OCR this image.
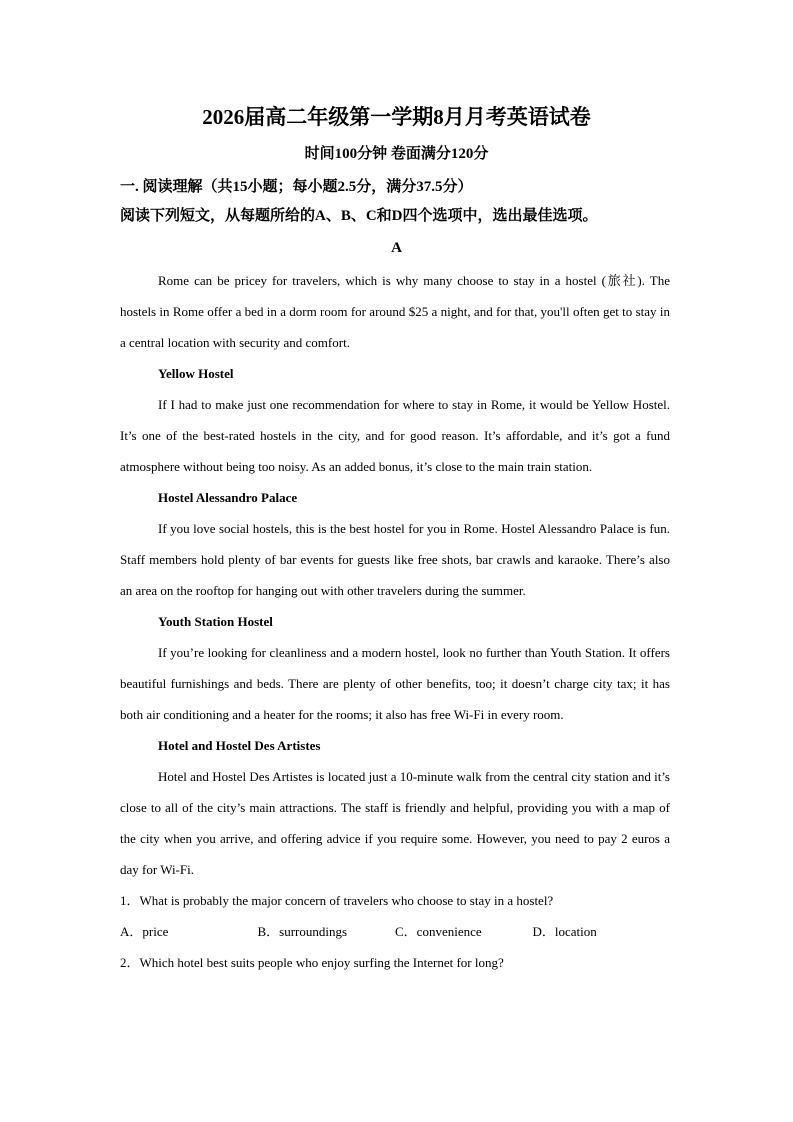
2026届高二年级第一学期8月月考英语试卷
时间100分钟 卷面满分120分
一. 阅读理解（共15小题；每小题2.5分，满分37.5分）
阅读下列短文，从每题所给的A、B、C和D四个选项中，选出最佳选项。
A

Rome can be pricey for travelers, which is why many choose to stay in a hostel (旅社). The hostels in Rome offer a bed in a dorm room for around $25 a night, and for that, you'll often get to stay in a central location with security and comfort.

Yellow Hostel

If I had to make just one recommendation for where to stay in Rome, it would be Yellow Hostel. It’s one of the best-rated hostels in the city, and for good reason. It’s affordable, and it’s got a fund atmosphere without being too noisy. As an added bonus, it’s close to the main train station.

Hostel Alessandro Palace

If you love social hostels, this is the best hostel for you in Rome. Hostel Alessandro Palace is fun. Staff members hold plenty of bar events for guests like free shots, bar crawls and karaoke. There’s also an area on the rooftop for hanging out with other travelers during the summer.

Youth Station Hostel

If you’re looking for cleanliness and a modern hostel, look no further than Youth Station. It offers beautiful furnishings and beds. There are plenty of other benefits, too; it doesn’t charge city tax; it has both air conditioning and a heater for the rooms; it also has free Wi-Fi in every room.

Hotel and Hostel Des Artistes

Hotel and Hostel Des Artistes is located just a 10-minute walk from the central city station and it’s close to all of the city’s main attractions. The staff is friendly and helpful, providing you with a map of the city when you arrive, and offering advice if you require some. However, you need to pay 2 euros a day for Wi-Fi.

1．What is probably the major concern of travelers who choose to stay in a hostel?

A．price	B．surroundings	C．convenience	D．location

2．Which hotel best suits people who enjoy surfing the Internet for long?
